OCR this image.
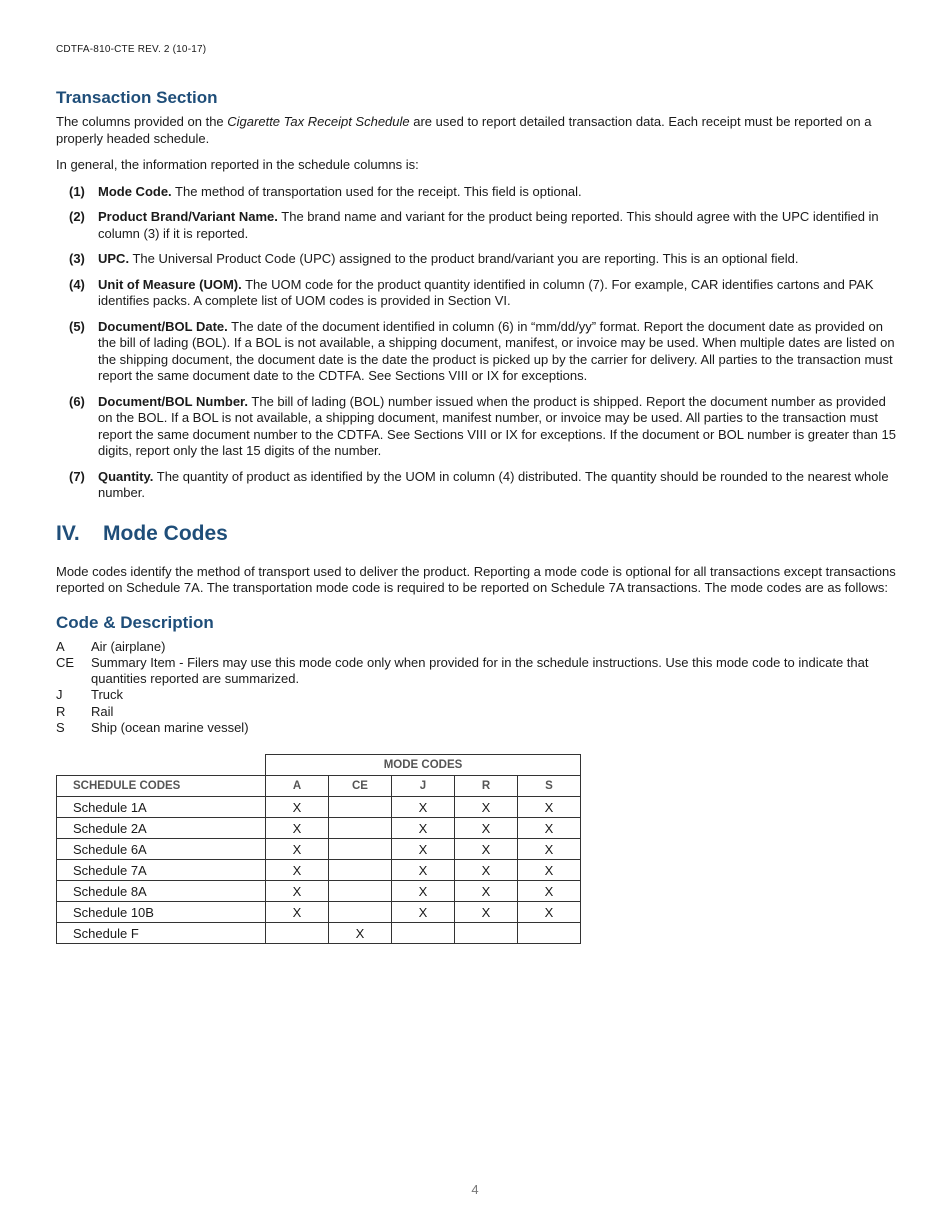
CDTFA-810-CTE REV. 2 (10-17)
Transaction Section

The columns provided on the Cigarette Tax Receipt Schedule are used to report detailed transaction data. Each receipt must be reported on a properly headed schedule.

In general, the information reported in the schedule columns is:

(1)	Mode Code. The method of transportation used for the receipt. This field is optional.
(2)	Product Brand/Variant Name. The brand name and variant for the product being reported. This should agree with the UPC identified in column (3) if it is reported.
(3)	UPC. The Universal Product Code (UPC) assigned to the product brand/variant you are reporting. This is an optional field.
(4)	Unit of Measure (UOM). The UOM code for the product quantity identified in column (7). For example, CAR identifies cartons and PAK identifies packs. A complete list of UOM codes is provided in Section VI.
(5)	Document/BOL Date. The date of the document identified in column (6) in “mm/dd/yy” format. Report the document date as provided on the bill of lading (BOL). If a BOL is not available, a shipping document, manifest, or invoice may be used. When multiple dates are listed on the shipping document, the document date is the date the product is picked up by the carrier for delivery. All parties to the transaction must report the same document date to the CDTFA. See Sections VIII or IX for exceptions.
(6)	Document/BOL Number. The bill of lading (BOL) number issued when the product is shipped. Report the document number as provided on the BOL. If a BOL is not available, a shipping document, manifest number, or invoice may be used. All parties to the transaction must report the same document number to the CDTFA. See Sections VIII or IX for exceptions. If the document or BOL number is greater than 15 digits, report only the last 15 digits of the number.
(7)	Quantity. The quantity of product as identified by the UOM in column (4) distributed. The quantity should be rounded to the nearest whole number.
IV.	Mode Codes

Mode codes identify the method of transport used to deliver the product. Reporting a mode code is optional for all transactions except transactions reported on Schedule 7A. The transportation mode code is required to be reported on Schedule 7A transactions. The mode codes are as follows:

Code & Description
A	Air (airplane)
CE	Summary Item - Filers may use this mode code only when provided for in the schedule instructions. Use this mode code to indicate that quantities reported are summarized.
J	Truck
R	Rail
S	Ship (ocean marine vessel)
	MODE CODES				
SCHEDULE CODES	A	CE	J	R	S
Schedule 1A	X		X	X	X
Schedule 2A	X		X	X	X
Schedule 6A	X		X	X	X
Schedule 7A	X		X	X	X
Schedule 8A	X		X	X	X
Schedule 10B	X		X	X	X
Schedule F		X			
4
